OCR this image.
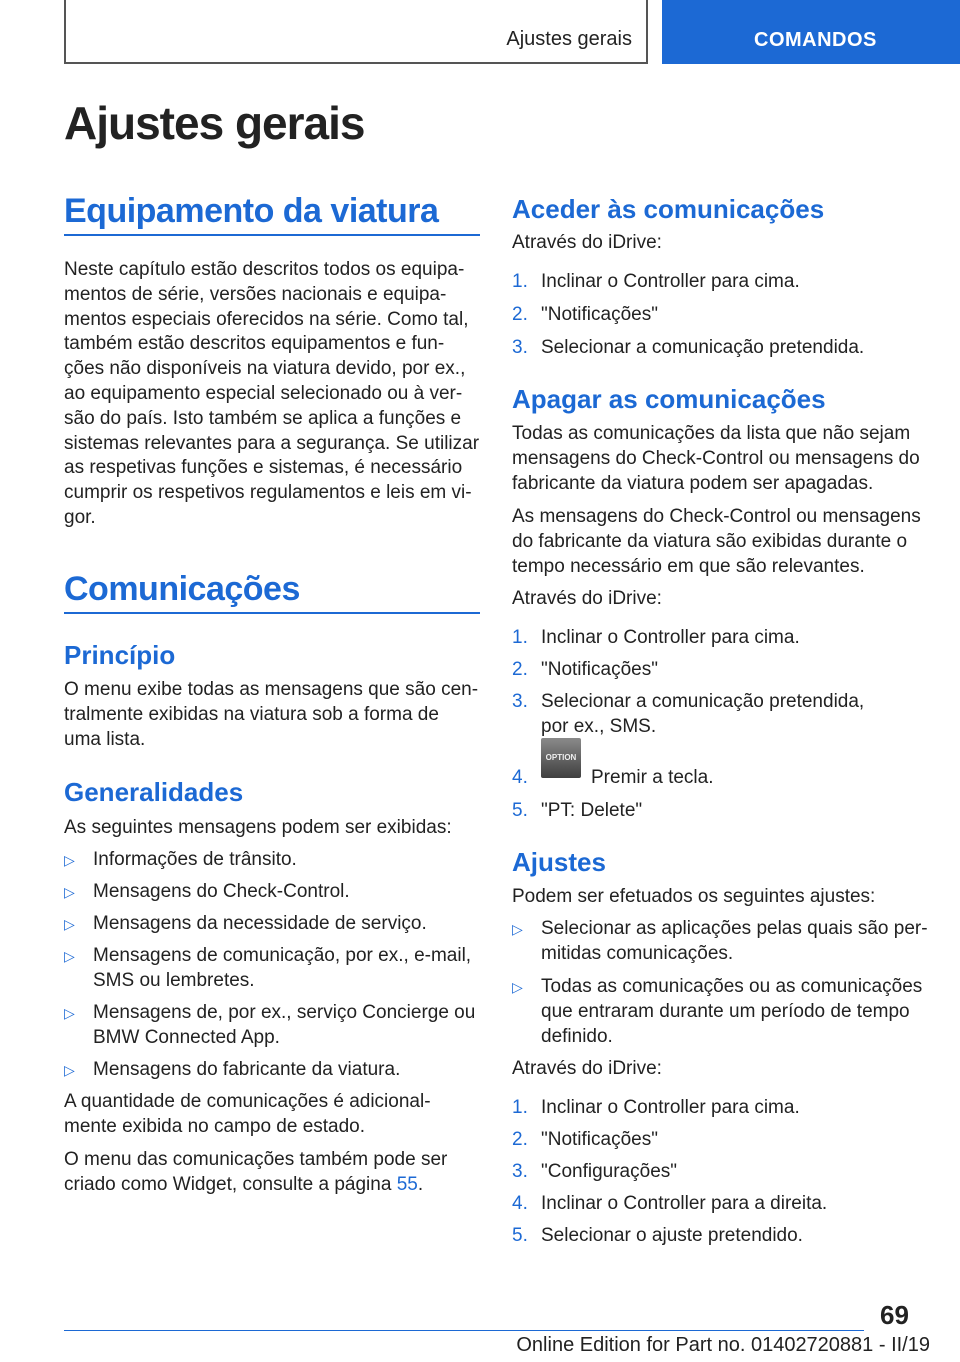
Ajustes gerais	COMANDOS
Ajustes gerais
Equipamento da viatura

Neste capítulo estão descritos todos os equipa-mentos de série, versões nacionais e equipa-mentos especiais oferecidos na série. Como tal, também estão descritos equipamentos e fun-ções não disponíveis na viatura devido, por ex., ao equipamento especial selecionado ou à ver-são do país. Isto também se aplica a funções e sistemas relevantes para a segurança. Se utilizar as respetivas funções e sistemas, é necessário cumprir os respetivos regulamentos e leis em vi-gor.

Comunicações
Princípio

O menu exibe todas as mensagens que são cen-tralmente exibidas na viatura sob a forma de uma lista.

Generalidades

As seguintes mensagens podem ser exibidas:

▷ Informações de trânsito.
▷ Mensagens do Check-Control.
▷ Mensagens da necessidade de serviço.
▷ Mensagens de comunicação, por ex., e-mail, SMS ou lembretes.
▷ Mensagens de, por ex., serviço Concierge ou BMW Connected App.
▷ Mensagens do fabricante da viatura.

A quantidade de comunicações é adicional-mente exibida no campo de estado.

O menu das comunicações também pode ser criado como Widget, consulte a página 55.

Aceder às comunicações

Através do iDrive:

1. Inclinar o Controller para cima.
2. "Notificações"
3. Selecionar a comunicação pretendida.
Apagar as comunicações

Todas as comunicações da lista que não sejam mensagens do Check-Control ou mensagens do fabricante da viatura podem ser apagadas.

As mensagens do Check-Control ou mensagens do fabricante da viatura são exibidas durante o tempo necessário em que são relevantes.

Através do iDrive:

1. Inclinar o Controller para cima.
2. "Notificações"
3. Selecionar a comunicação pretendida, por ex., SMS.
4.
OPTION
Premir a tecla.
5. "PT: Delete"
Ajustes

Podem ser efetuados os seguintes ajustes:

▷ Selecionar as aplicações pelas quais são per-mitidas comunicações.
▷ Todas as comunicações ou as comunicações que entraram durante um período de tempo definido.

Através do iDrive:

1. Inclinar o Controller para cima.
2. "Notificações"
3. "Configurações"
4. Inclinar o Controller para a direita.
5. Selecionar o ajuste pretendido.
69
Online Edition for Part no. 01402720881 - II/19
